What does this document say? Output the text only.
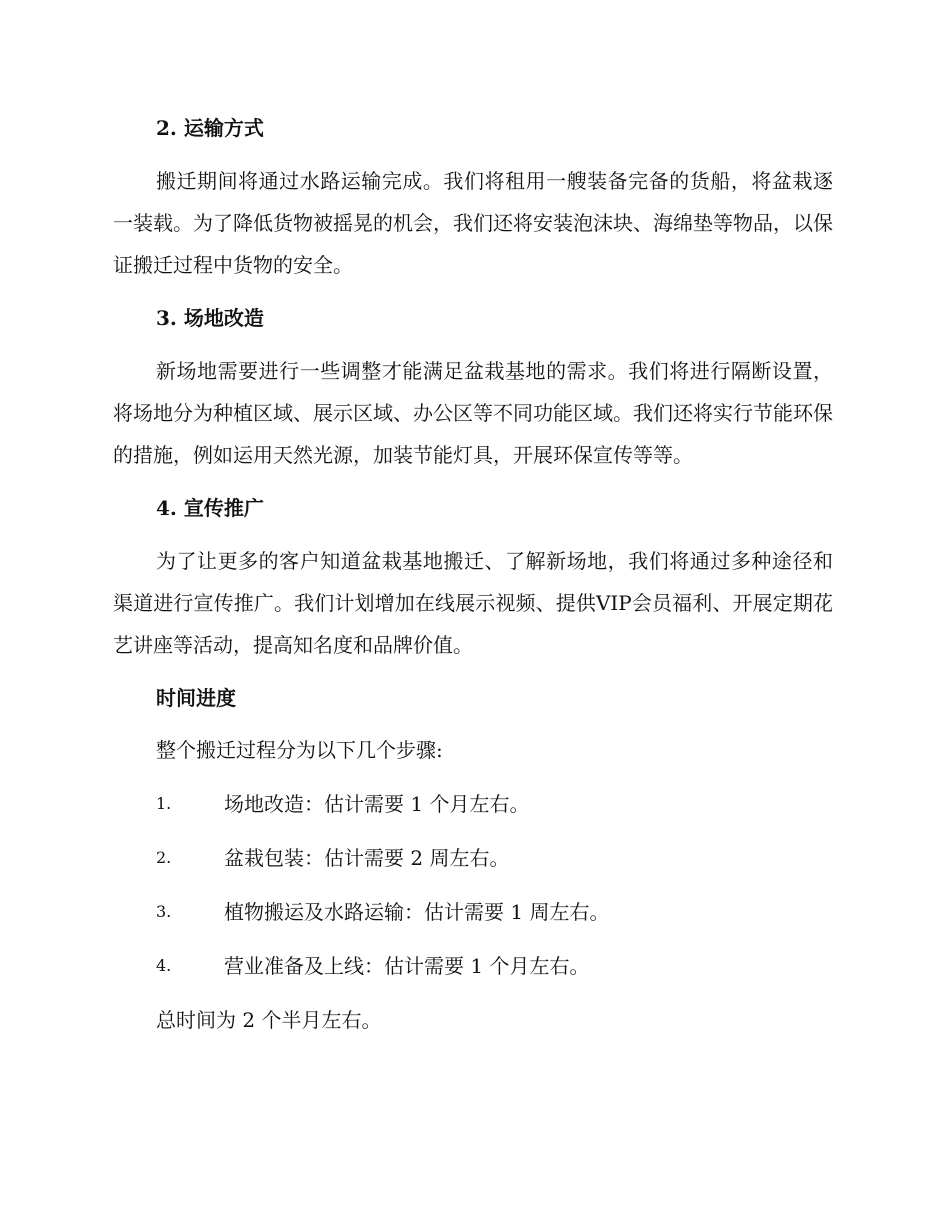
2. 运输方式

搬迁期间将通过水路运输完成。我们将租用一艘装备完备的货船，将盆栽逐一装载。为了降低货物被摇晃的机会，我们还将安装泡沫块、海绵垫等物品，以保证搬迁过程中货物的安全。

3. 场地改造

新场地需要进行一些调整才能满足盆栽基地的需求。我们将进行隔断设置，将场地分为种植区域、展示区域、办公区等不同功能区域。我们还将实行节能环保的措施，例如运用天然光源，加装节能灯具，开展环保宣传等等。

4. 宣传推广

为了让更多的客户知道盆栽基地搬迁、了解新场地，我们将通过多种途径和渠道进行宣传推广。我们计划增加在线展示视频、提供VIP会员福利、开展定期花艺讲座等活动，提高知名度和品牌价值。

时间进度
整个搬迁过程分为以下几个步骤:
1.	场地改造：估计需要 1 个月左右。
2.	盆栽包装：估计需要 2 周左右。
3.	植物搬运及水路运输：估计需要 1 周左右。
4.	营业准备及上线：估计需要 1 个月左右。
总时间为 2 个半月左右。
